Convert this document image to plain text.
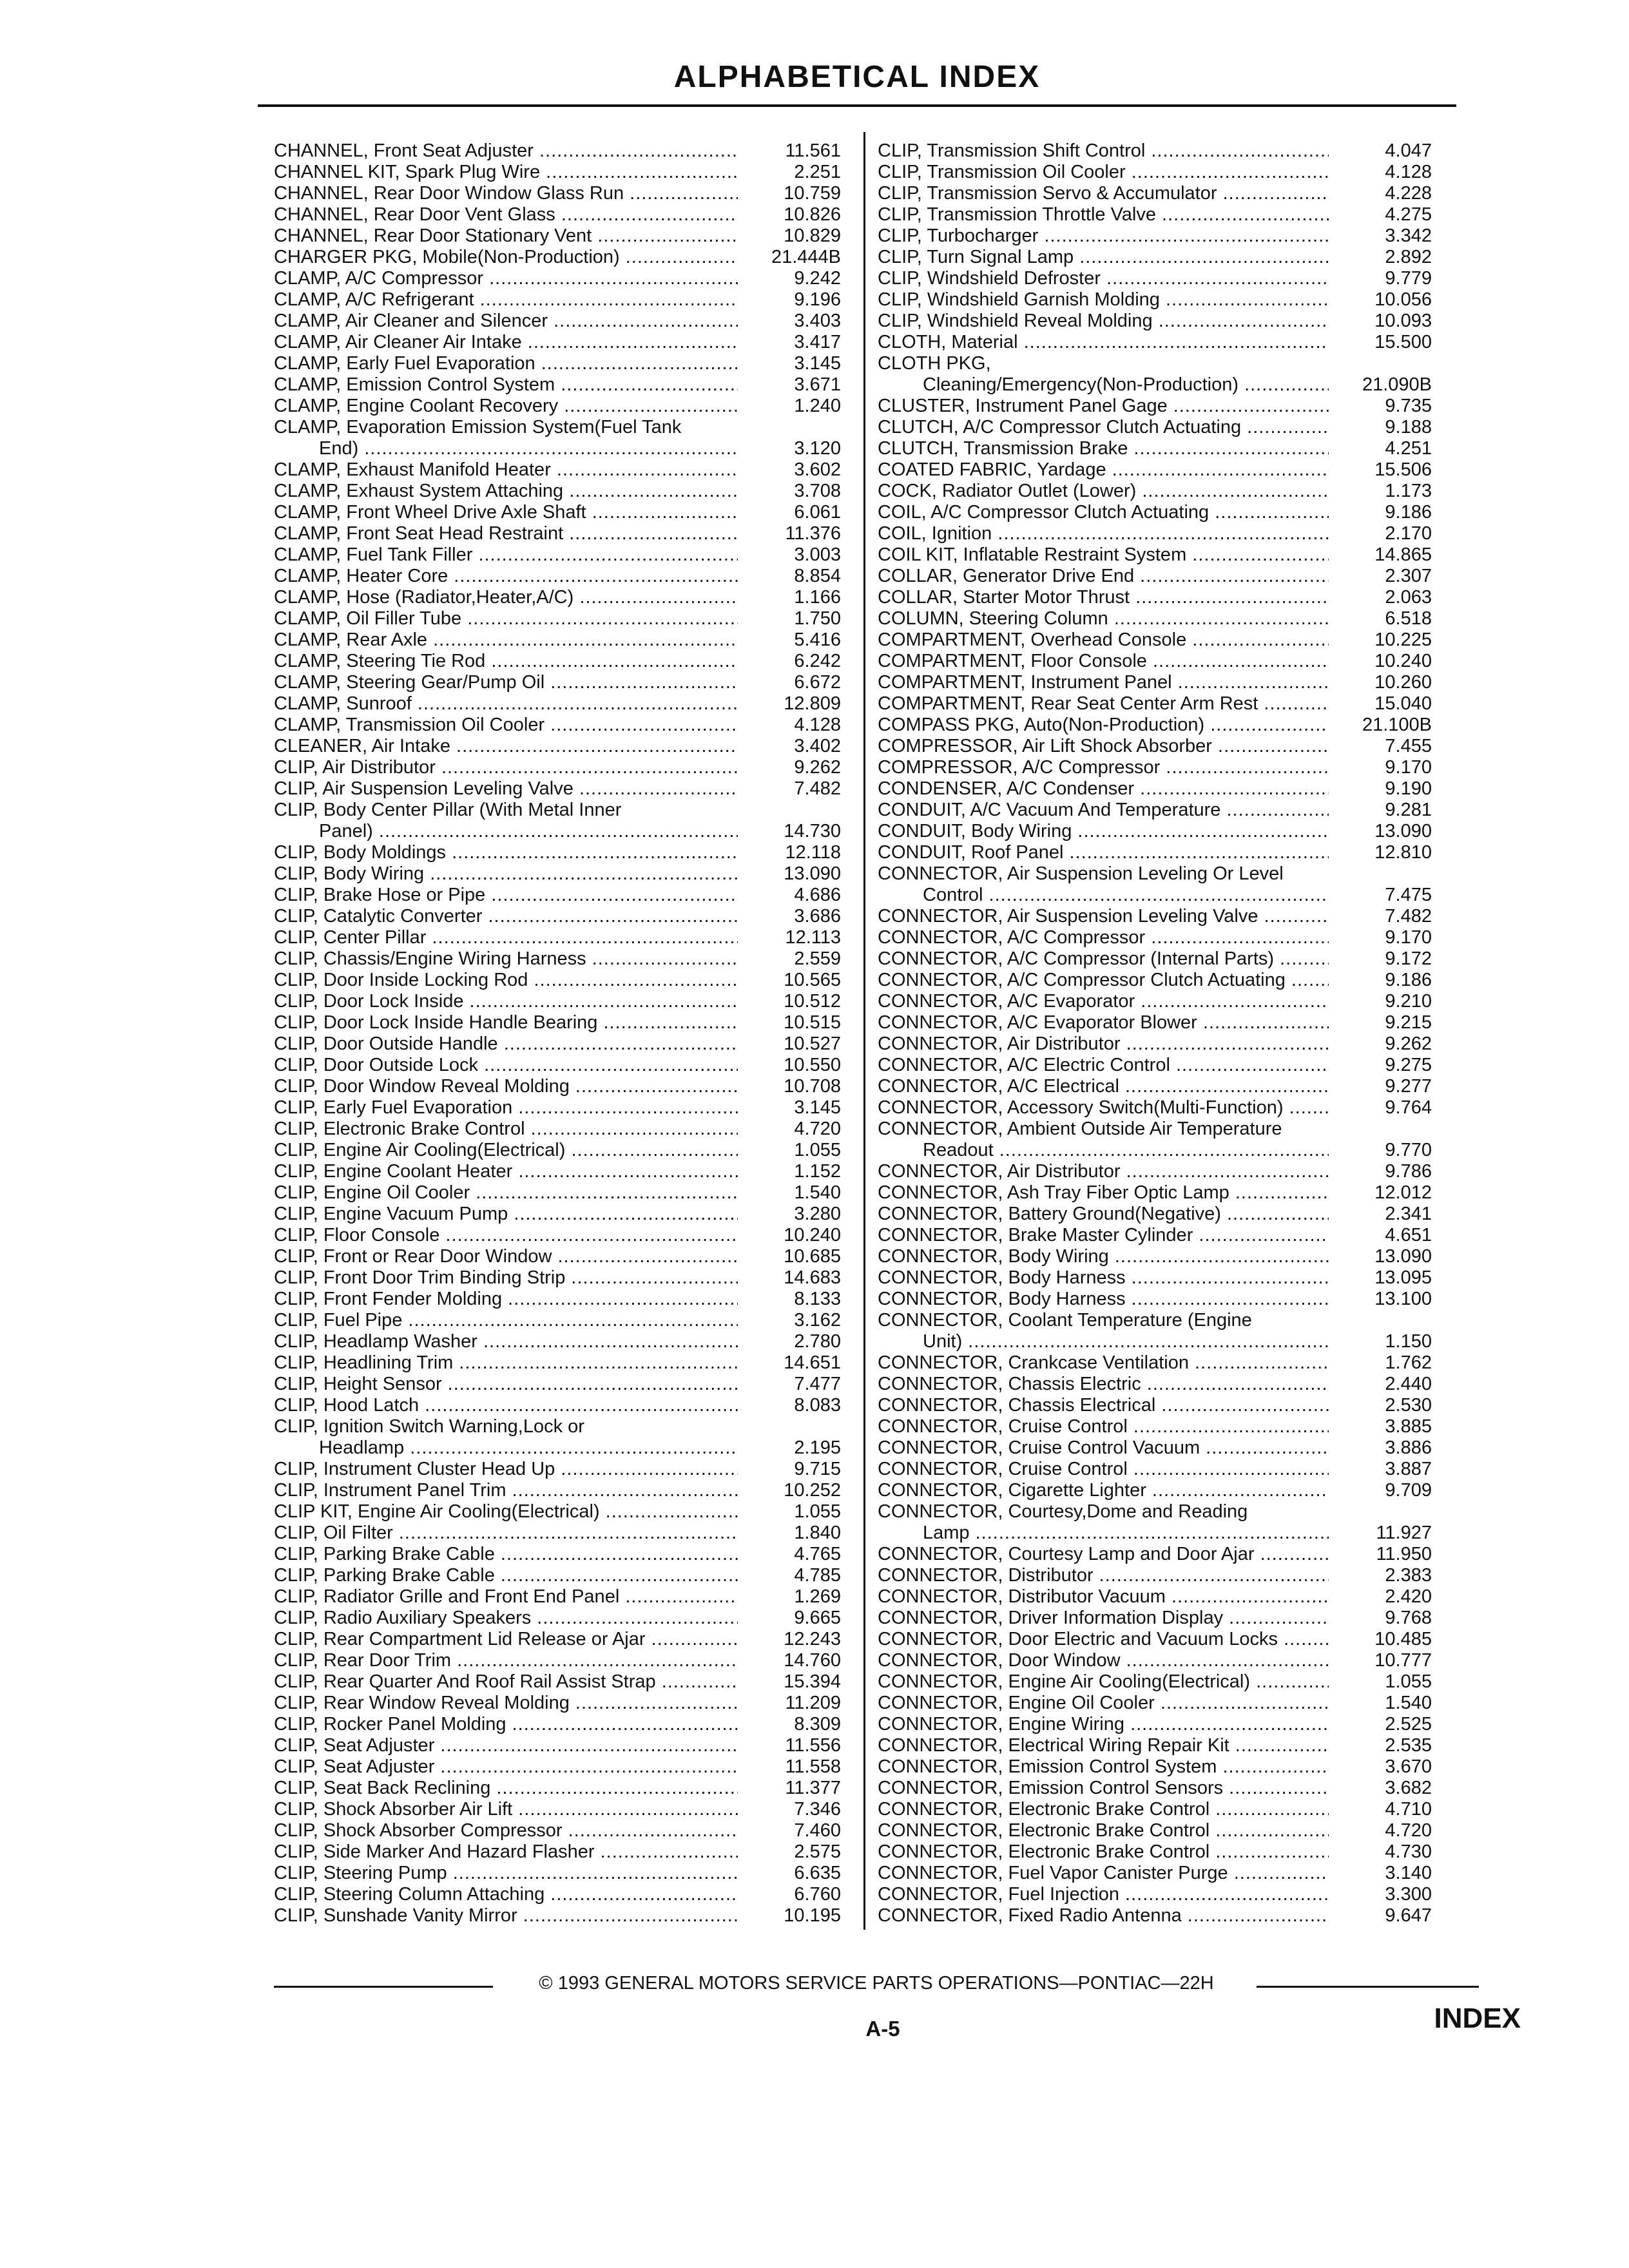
ALPHABETICAL INDEX
CHANNEL, Front Seat Adjuster .....	11.561
CHANNEL KIT, Spark Plug Wire .....	2.251
CHANNEL, Rear Door Window Glass Run .....	10.759
CHANNEL, Rear Door Vent Glass .....	10.826
CHANNEL, Rear Door Stationary Vent .....	10.829
CHARGER PKG, Mobile(Non-Production) .....	21.444B
CLAMP, A/C Compressor .....	9.242
CLAMP, A/C Refrigerant .....	9.196
CLAMP, Air Cleaner and Silencer .....	3.403
CLAMP, Air Cleaner Air Intake .....	3.417
CLAMP, Early Fuel Evaporation .....	3.145
CLAMP, Emission Control System .....	3.671
CLAMP, Engine Coolant Recovery .....	1.240
CLAMP, Evaporation Emission System(Fuel Tank
End) .....	3.120
CLAMP, Exhaust Manifold Heater .....	3.602
CLAMP, Exhaust System Attaching .....	3.708
CLAMP, Front Wheel Drive Axle Shaft .....	6.061
CLAMP, Front Seat Head Restraint .....	11.376
CLAMP, Fuel Tank Filler .....	3.003
CLAMP, Heater Core .....	8.854
CLAMP, Hose (Radiator,Heater,A/C) .....	1.166
CLAMP, Oil Filler Tube .....	1.750
CLAMP, Rear Axle .....	5.416
CLAMP, Steering Tie Rod .....	6.242
CLAMP, Steering Gear/Pump Oil .....	6.672
CLAMP, Sunroof .....	12.809
CLAMP, Transmission Oil Cooler .....	4.128
CLEANER, Air Intake .....	3.402
CLIP, Air Distributor .....	9.262
CLIP, Air Suspension Leveling Valve .....	7.482
CLIP, Body Center Pillar (With Metal Inner
Panel) .....	14.730
CLIP, Body Moldings .....	12.118
CLIP, Body Wiring .....	13.090
CLIP, Brake Hose or Pipe .....	4.686
CLIP, Catalytic Converter .....	3.686
CLIP, Center Pillar .....	12.113
CLIP, Chassis/Engine Wiring Harness .....	2.559
CLIP, Door Inside Locking Rod .....	10.565
CLIP, Door Lock Inside .....	10.512
CLIP, Door Lock Inside Handle Bearing .....	10.515
CLIP, Door Outside Handle .....	10.527
CLIP, Door Outside Lock .....	10.550
CLIP, Door Window Reveal Molding .....	10.708
CLIP, Early Fuel Evaporation .....	3.145
CLIP, Electronic Brake Control .....	4.720
CLIP, Engine Air Cooling(Electrical) .....	1.055
CLIP, Engine Coolant Heater .....	1.152
CLIP, Engine Oil Cooler .....	1.540
CLIP, Engine Vacuum Pump .....	3.280
CLIP, Floor Console .....	10.240
CLIP, Front or Rear Door Window .....	10.685
CLIP, Front Door Trim Binding Strip .....	14.683
CLIP, Front Fender Molding .....	8.133
CLIP, Fuel Pipe .....	3.162
CLIP, Headlamp Washer .....	2.780
CLIP, Headlining Trim .....	14.651
CLIP, Height Sensor .....	7.477
CLIP, Hood Latch .....	8.083
CLIP, Ignition Switch Warning,Lock or
Headlamp .....	2.195
CLIP, Instrument Cluster Head Up .....	9.715
CLIP, Instrument Panel Trim .....	10.252
CLIP KIT, Engine Air Cooling(Electrical) .....	1.055
CLIP, Oil Filter .....	1.840
CLIP, Parking Brake Cable .....	4.765
CLIP, Parking Brake Cable .....	4.785
CLIP, Radiator Grille and Front End Panel .....	1.269
CLIP, Radio Auxiliary Speakers .....	9.665
CLIP, Rear Compartment Lid Release or Ajar .....	12.243
CLIP, Rear Door Trim .....	14.760
CLIP, Rear Quarter And Roof Rail Assist Strap .....	15.394
CLIP, Rear Window Reveal Molding .....	11.209
CLIP, Rocker Panel Molding .....	8.309
CLIP, Seat Adjuster .....	11.556
CLIP, Seat Adjuster .....	11.558
CLIP, Seat Back Reclining .....	11.377
CLIP, Shock Absorber Air Lift .....	7.346
CLIP, Shock Absorber Compressor .....	7.460
CLIP, Side Marker And Hazard Flasher .....	2.575
CLIP, Steering Pump .....	6.635
CLIP, Steering Column Attaching .....	6.760
CLIP, Sunshade Vanity Mirror .....	10.195
CLIP, Transmission Shift Control .....	4.047
CLIP, Transmission Oil Cooler .....	4.128
CLIP, Transmission Servo & Accumulator .....	4.228
CLIP, Transmission Throttle Valve .....	4.275
CLIP, Turbocharger .....	3.342
CLIP, Turn Signal Lamp .....	2.892
CLIP, Windshield Defroster .....	9.779
CLIP, Windshield Garnish Molding .....	10.056
CLIP, Windshield Reveal Molding .....	10.093
CLOTH, Material .....	15.500
CLOTH PKG,
Cleaning/Emergency(Non-Production) .....	21.090B
CLUSTER, Instrument Panel Gage .....	9.735
CLUTCH, A/C Compressor Clutch Actuating .....	9.188
CLUTCH, Transmission Brake .....	4.251
COATED FABRIC, Yardage .....	15.506
COCK, Radiator Outlet (Lower) .....	1.173
COIL, A/C Compressor Clutch Actuating .....	9.186
COIL, Ignition .....	2.170
COIL KIT, Inflatable Restraint System .....	14.865
COLLAR, Generator Drive End .....	2.307
COLLAR, Starter Motor Thrust .....	2.063
COLUMN, Steering Column .....	6.518
COMPARTMENT, Overhead Console .....	10.225
COMPARTMENT, Floor Console .....	10.240
COMPARTMENT, Instrument Panel .....	10.260
COMPARTMENT, Rear Seat Center Arm Rest .....	15.040
COMPASS PKG, Auto(Non-Production) .....	21.100B
COMPRESSOR, Air Lift Shock Absorber .....	7.455
COMPRESSOR, A/C Compressor .....	9.170
CONDENSER, A/C Condenser .....	9.190
CONDUIT, A/C Vacuum And Temperature .....	9.281
CONDUIT, Body Wiring .....	13.090
CONDUIT, Roof Panel .....	12.810
CONNECTOR, Air Suspension Leveling Or Level
Control .....	7.475
CONNECTOR, Air Suspension Leveling Valve .....	7.482
CONNECTOR, A/C Compressor .....	9.170
CONNECTOR, A/C Compressor (Internal Parts) .....	9.172
CONNECTOR, A/C Compressor Clutch Actuating .....	9.186
CONNECTOR, A/C Evaporator .....	9.210
CONNECTOR, A/C Evaporator Blower .....	9.215
CONNECTOR, Air Distributor .....	9.262
CONNECTOR, A/C Electric Control .....	9.275
CONNECTOR, A/C Electrical .....	9.277
CONNECTOR, Accessory Switch(Multi-Function) .....	9.764
CONNECTOR, Ambient Outside Air Temperature
Readout .....	9.770
CONNECTOR, Air Distributor .....	9.786
CONNECTOR, Ash Tray Fiber Optic Lamp .....	12.012
CONNECTOR, Battery Ground(Negative) .....	2.341
CONNECTOR, Brake Master Cylinder .....	4.651
CONNECTOR, Body Wiring .....	13.090
CONNECTOR, Body Harness .....	13.095
CONNECTOR, Body Harness .....	13.100
CONNECTOR, Coolant Temperature (Engine
Unit) .....	1.150
CONNECTOR, Crankcase Ventilation .....	1.762
CONNECTOR, Chassis Electric .....	2.440
CONNECTOR, Chassis Electrical .....	2.530
CONNECTOR, Cruise Control .....	3.885
CONNECTOR, Cruise Control Vacuum .....	3.886
CONNECTOR, Cruise Control .....	3.887
CONNECTOR, Cigarette Lighter .....	9.709
CONNECTOR, Courtesy,Dome and Reading
Lamp .....	11.927
CONNECTOR, Courtesy Lamp and Door Ajar .....	11.950
CONNECTOR, Distributor .....	2.383
CONNECTOR, Distributor Vacuum .....	2.420
CONNECTOR, Driver Information Display .....	9.768
CONNECTOR, Door Electric and Vacuum Locks .....	10.485
CONNECTOR, Door Window .....	10.777
CONNECTOR, Engine Air Cooling(Electrical) .....	1.055
CONNECTOR, Engine Oil Cooler .....	1.540
CONNECTOR, Engine Wiring .....	2.525
CONNECTOR, Electrical Wiring Repair Kit .....	2.535
CONNECTOR, Emission Control System .....	3.670
CONNECTOR, Emission Control Sensors .....	3.682
CONNECTOR, Electronic Brake Control .....	4.710
CONNECTOR, Electronic Brake Control .....	4.720
CONNECTOR, Electronic Brake Control .....	4.730
CONNECTOR, Fuel Vapor Canister Purge .....	3.140
CONNECTOR, Fuel Injection .....	3.300
CONNECTOR, Fixed Radio Antenna .....	9.647
© 1993 GENERAL MOTORS SERVICE PARTS OPERATIONS—PONTIAC—22H
A-5	INDEX
